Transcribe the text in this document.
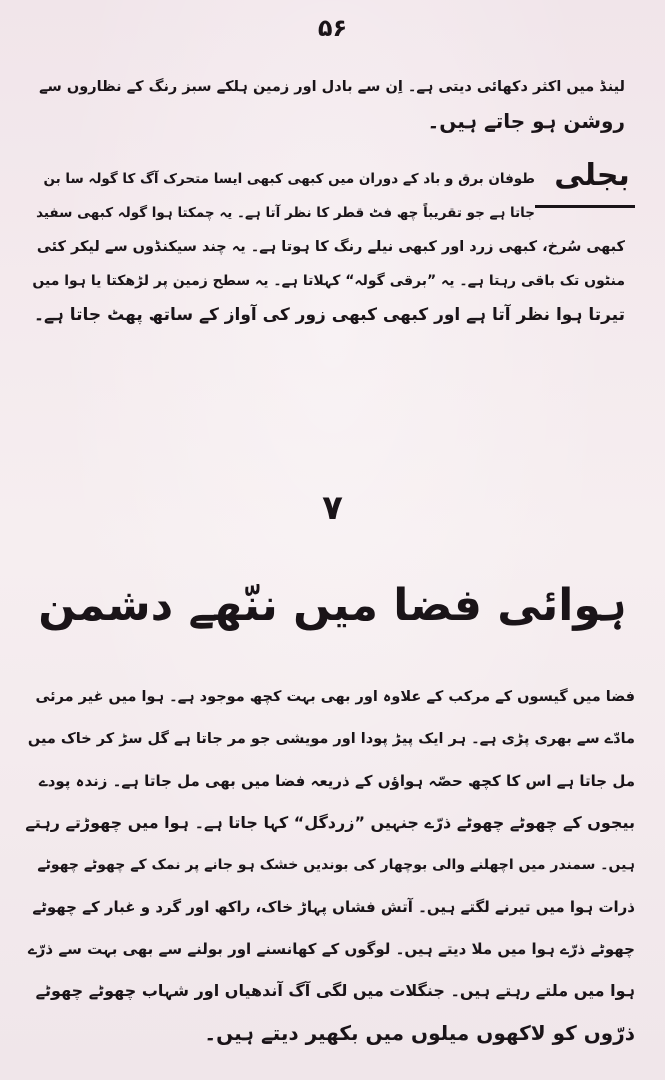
۵۶
لینڈ میں اکثر دکھائی دیتی ہے۔ اِن سے بادل اور زمین ہلکے سبز رنگ کے نظاروں سے
روشن ہو جاتے ہیں۔
بجلی
طوفان برق و باد کے دوران میں کبھی کبھی ایسا متحرک آگ کا گولہ سا بن
جاتا ہے جو تقریباً چھ فٹ قطر کا نظر آتا ہے۔ یہ چمکتا ہوا گولہ کبھی سفید
کبھی سُرخ، کبھی زرد اور کبھی نیلے رنگ کا ہوتا ہے۔ یہ چند سیکنڈوں سے لیکر کئی
منٹوں تک باقی رہتا ہے۔ یہ ”برقی گولہ“ کہلاتا ہے۔ یہ سطح زمین پر لڑھکتا یا ہوا میں
تیرتا ہوا نظر آتا ہے اور کبھی کبھی زور کی آواز کے ساتھ پھٹ جاتا ہے۔
۷
ہوائی فضا میں ننّھے دشمن
فضا میں گیسوں کے مرکب کے علاوہ اور بھی بہت کچھ موجود ہے۔ ہوا میں غیر مرئی
مادّے سے بھری پڑی ہے۔ ہر ایک پیڑ پودا اور مویشی جو مر جاتا ہے گل سڑ کر خاک میں
مل جاتا ہے اس کا کچھ حصّہ ہواؤں کے ذریعہ فضا میں بھی مل جاتا ہے۔ زندہ پودے
بیجوں کے چھوٹے چھوٹے ذرّے جنہیں ”زردگل“ کہا جاتا ہے۔ ہوا میں چھوڑتے رہتے
ہیں۔ سمندر میں اچھلنے والی بوچھار کی بوندیں خشک ہو جانے پر نمک کے چھوٹے چھوٹے
ذرات ہوا میں تیرنے لگتے ہیں۔ آتش فشاں پہاڑ خاک، راکھ اور گرد و غبار کے چھوٹے
چھوٹے ذرّے ہوا میں ملا دیتے ہیں۔ لوگوں کے کھانسنے اور بولنے سے بھی بہت سے ذرّے
ہوا میں ملتے رہتے ہیں۔ جنگلات میں لگی آگ آندھیاں اور شہاب چھوٹے چھوٹے
ذرّوں کو لاکھوں میلوں میں بکھیر دیتے ہیں۔
